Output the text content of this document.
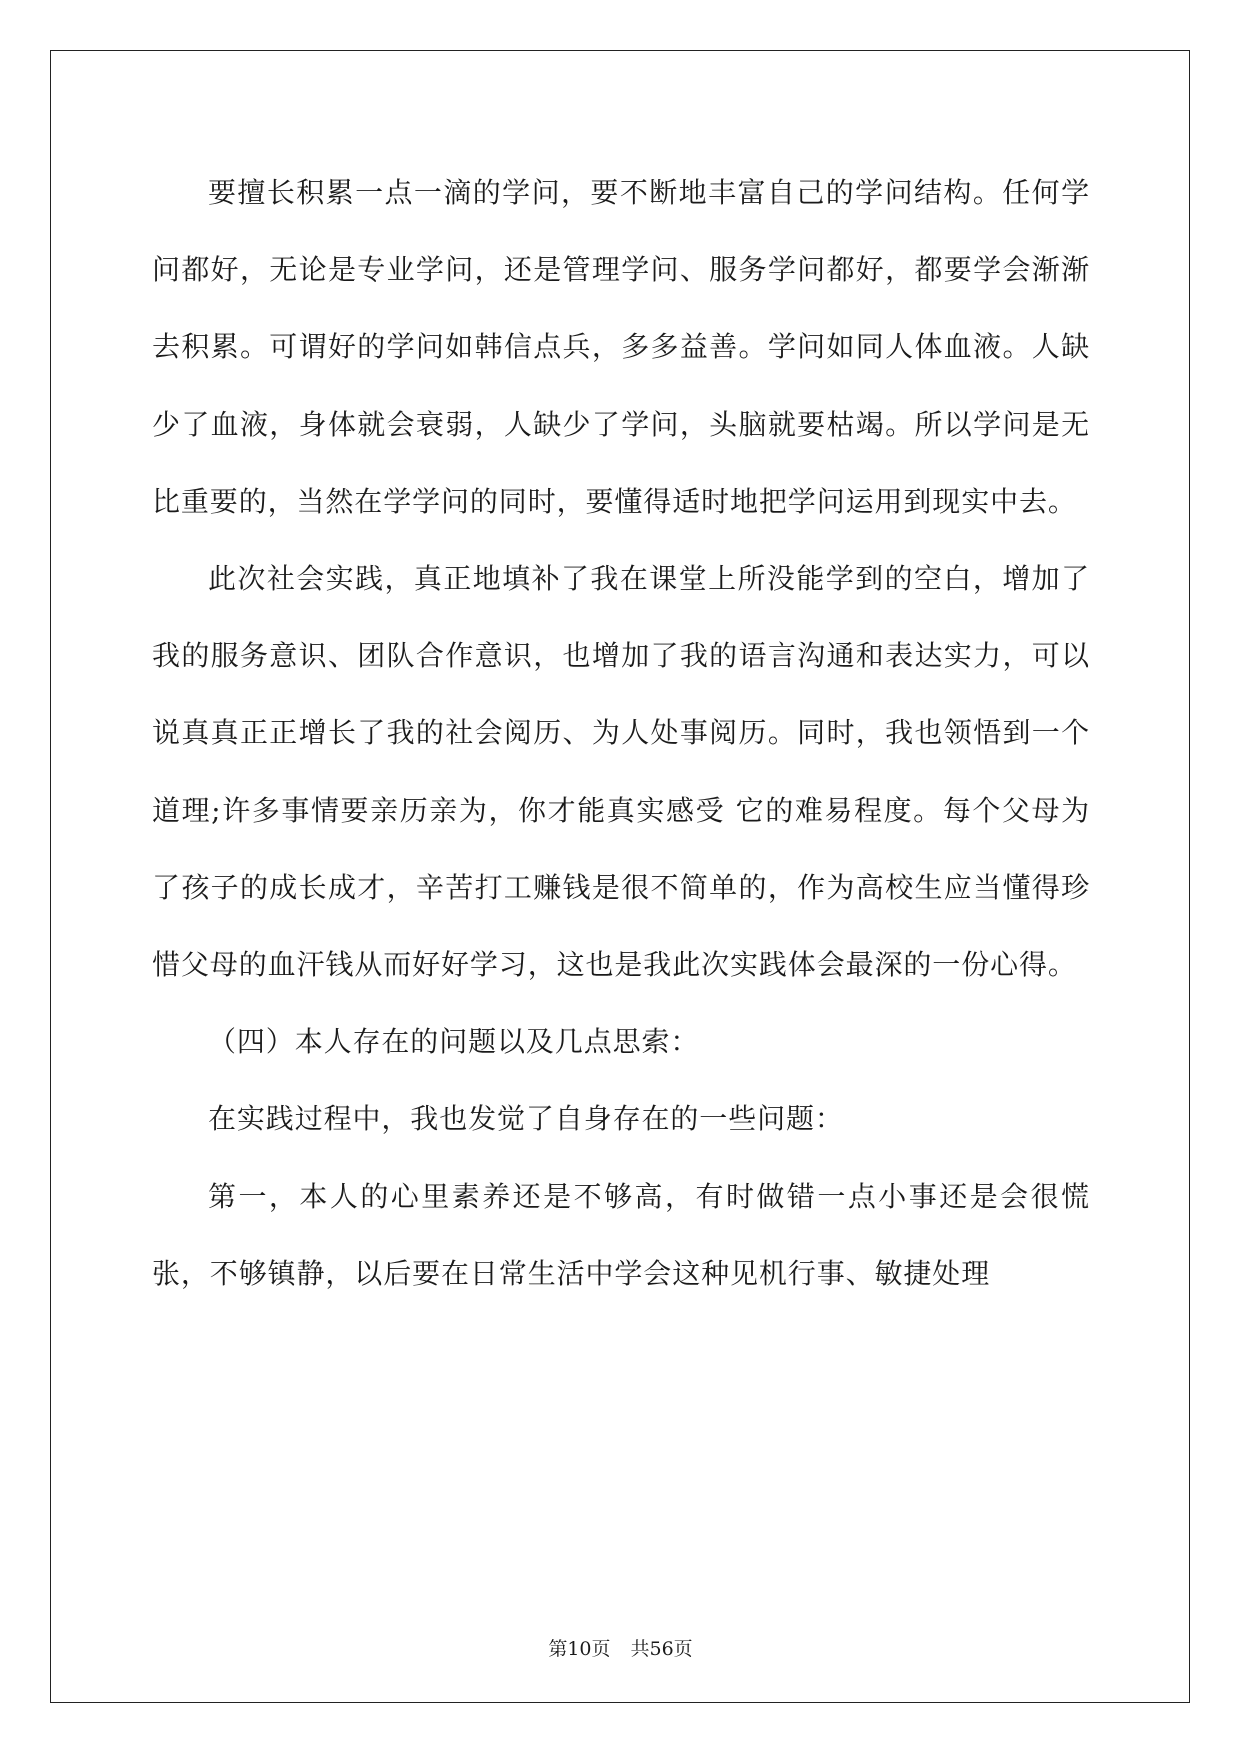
要擅长积累一点一滴的学问，要不断地丰富自己的学问结构。任何学问都好，无论是专业学问，还是管理学问、服务学问都好，都要学会渐渐去积累。可谓好的学问如韩信点兵，多多益善。学问如同人体血液。人缺少了血液，身体就会衰弱，人缺少了学问，头脑就要枯竭。所以学问是无比重要的，当然在学学问的同时，要懂得适时地把学问运用到现实中去。

此次社会实践，真正地填补了我在课堂上所没能学到的空白，增加了我的服务意识、团队合作意识，也增加了我的语言沟通和表达实力，可以说真真正正增长了我的社会阅历、为人处事阅历。同时，我也领悟到一个道理;许多事情要亲历亲为，你才能真实感受 它的难易程度。每个父母为了孩子的成长成才，辛苦打工赚钱是很不简单的，作为高校生应当懂得珍惜父母的血汗钱从而好好学习，这也是我此次实践体会最深的一份心得。

（四）本人存在的问题以及几点思索：

在实践过程中，我也发觉了自身存在的一些问题：

第一，本人的心里素养还是不够高，有时做错一点小事还是会很慌张，不够镇静，以后要在日常生活中学会这种见机行事、敏捷处理

第10页 共56页
